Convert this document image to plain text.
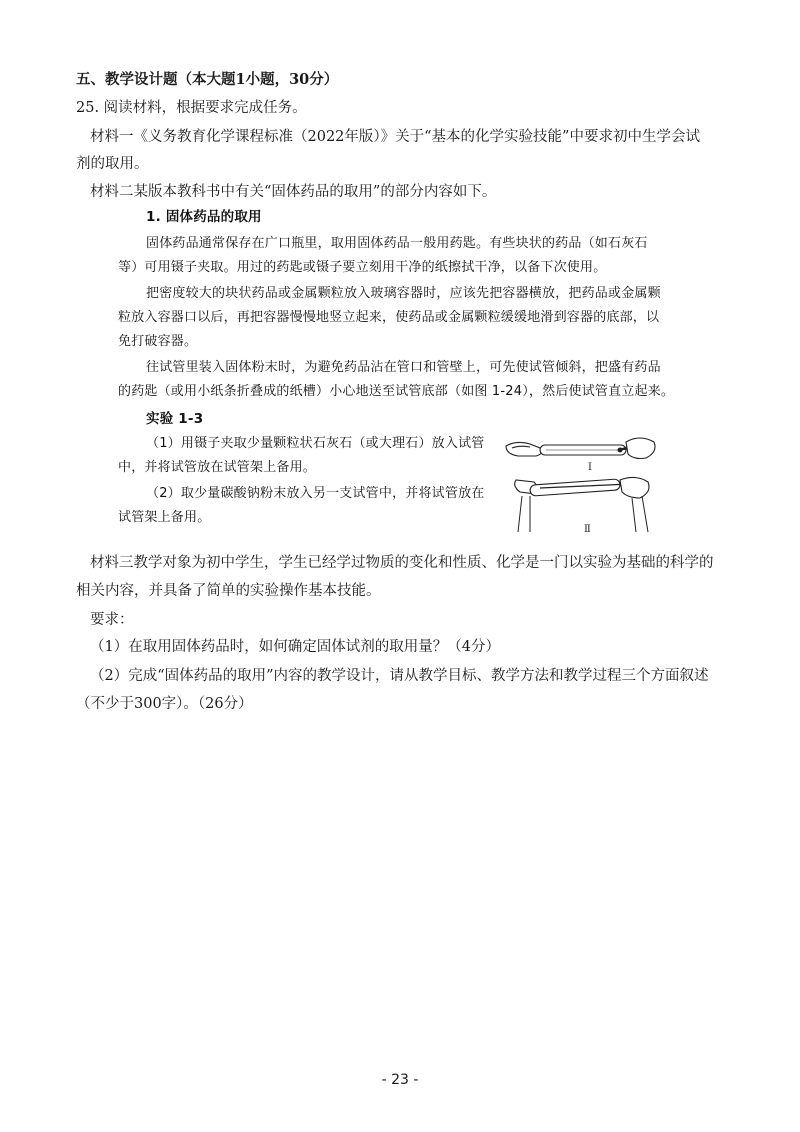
五、教学设计题（本大题1小题，30分）
25. 阅读材料，根据要求完成任务。
材料一《义务教育化学课程标准（2022年版）》关于“基本的化学实验技能”中要求初中生学会试
剂的取用。
材料二某版本教科书中有关“固体药品的取用”的部分内容如下。
1. 固体药品的取用
固体药品通常保存在广口瓶里，取用固体药品一般用药匙。有些块状的药品（如石灰石
等）可用镊子夹取。用过的药匙或镊子要立刻用干净的纸擦拭干净，以备下次使用。
把密度较大的块状药品或金属颗粒放入玻璃容器时，应该先把容器横放，把药品或金属颗
粒放入容器口以后，再把容器慢慢地竖立起来，使药品或金属颗粒缓缓地滑到容器的底部，以
免打破容器。
往试管里装入固体粉末时，为避免药品沾在管口和管壁上，可先使试管倾斜，把盛有药品
的药匙（或用小纸条折叠成的纸槽）小心地送至试管底部（如图 1-24），然后使试管直立起来。
实验 1-3
（1）用镊子夹取少量颗粒状石灰石（或大理石）放入试管
中，并将试管放在试管架上备用。
（2）取少量碳酸钠粉末放入另一支试管中，并将试管放在
试管架上备用。
Ⅰ
Ⅱ
材料三教学对象为初中学生，学生已经学过物质的变化和性质、化学是一门以实验为基础的科学的
相关内容，并具备了简单的实验操作基本技能。
要求：
（1）在取用固体药品时，如何确定固体试剂的取用量？（4分）
（2）完成“固体药品的取用”内容的教学设计，请从教学目标、教学方法和教学过程三个方面叙述
（不少于300字）。（26分）
- 23 -
